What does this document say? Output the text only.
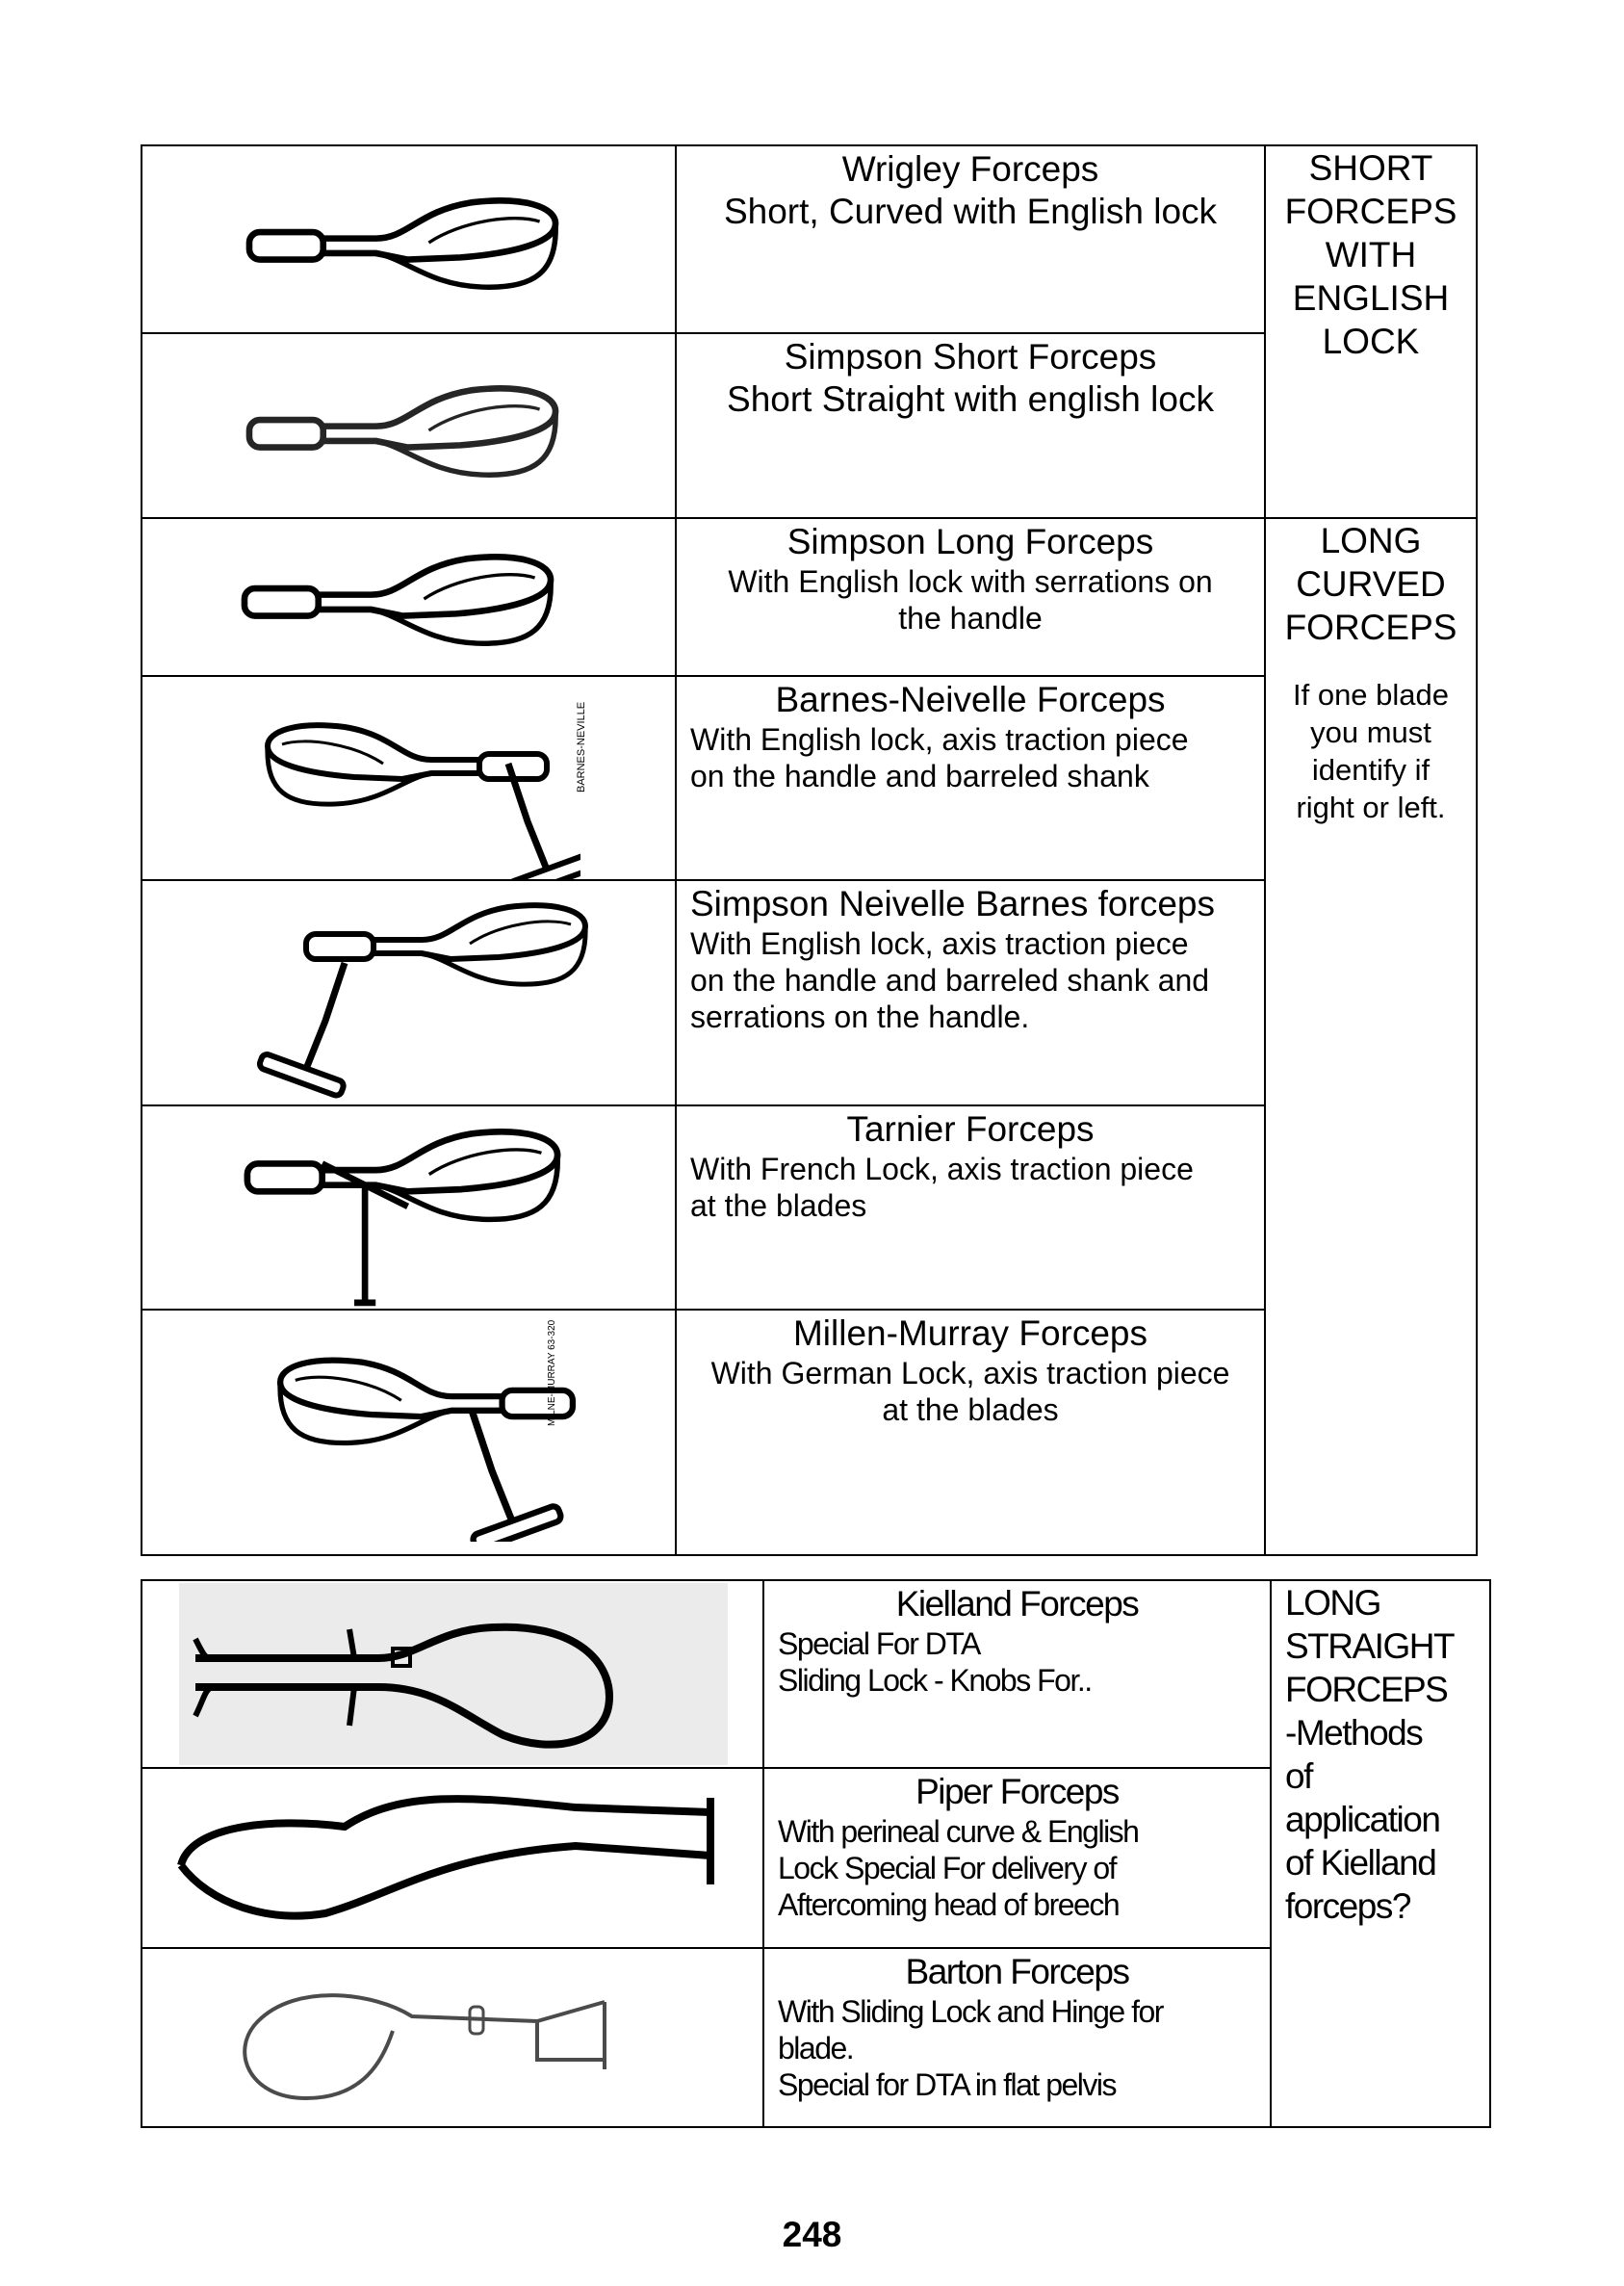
BARNES-NEVILLE
MILNE-MURRAY 63-320
Wrigley Forceps
Short, Curved with English lock
Simpson Short Forceps
Short Straight with english lock
Simpson Long Forceps
With English lock with serrations on
the handle
Barnes-Neivelle Forceps
With English lock, axis traction piece
on the handle and barreled shank
Simpson Neivelle Barnes forceps
With English lock, axis traction piece
on the handle and barreled shank and
serrations on the handle.
Tarnier Forceps
With French Lock, axis traction piece
at the blades
Millen-Murray Forceps
With German Lock, axis traction piece
at the blades
SHORT
FORCEPS
WITH
ENGLISH
LOCK
LONG
CURVED
FORCEPS
If one blade
you must
identify if
right or left.
Kielland Forceps
Special For DTA
Sliding Lock - Knobs For..
Piper Forceps
With perineal curve & English
Lock Special For delivery of
Aftercoming head of breech
Barton Forceps
With Sliding Lock and Hinge for
blade.
Special for DTA in flat pelvis
LONG
STRAIGHT
FORCEPS
-Methods
of
application
of Kielland
forceps?
248
